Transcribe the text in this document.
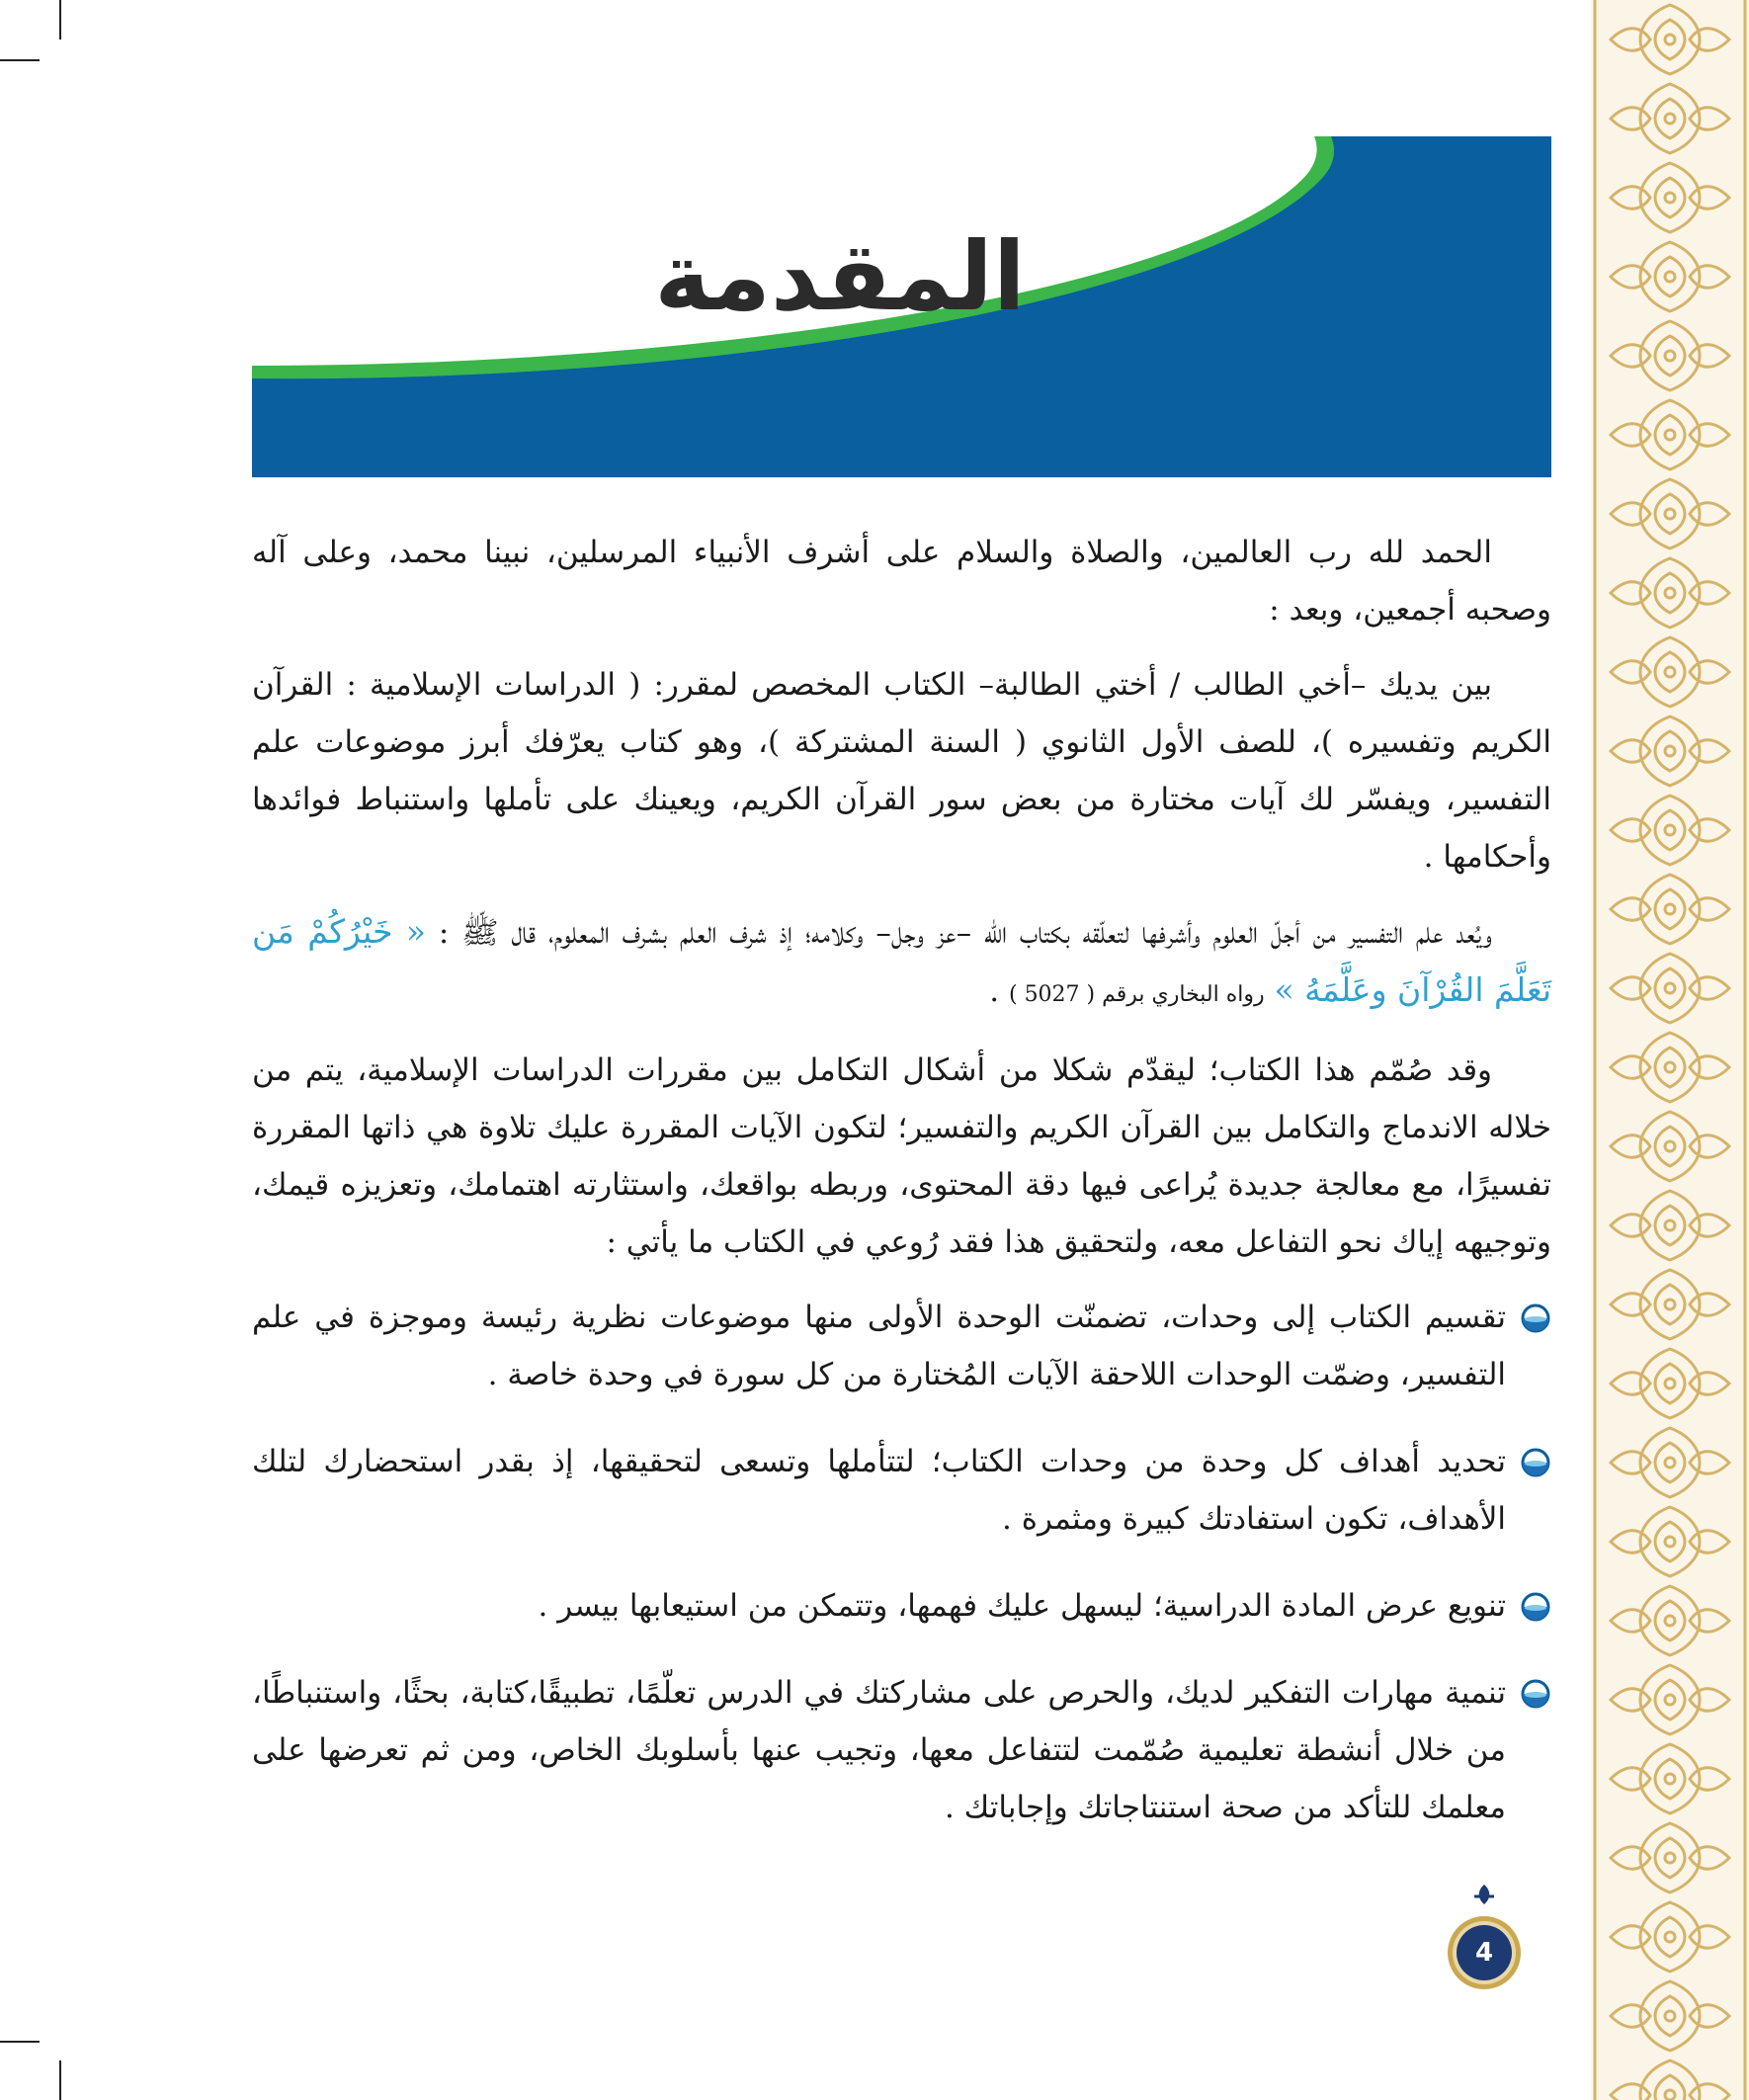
المقدمة

الحمد لله رب العالمين، والصلاة والسلام على أشرف الأنبياء المرسلين، نبينا محمد، وعلى آله وصحبه أجمعين، وبعد :

بين يديك –أخي الطالب / أختي الطالبة– الكتاب المخصص لمقرر: ( الدراسات الإسلامية : القرآن الكريم وتفسيره )، للصف الأول الثانوي ( السنة المشتركة )، وهو كتاب يعرّفك أبرز موضوعات علم التفسير، ويفسّر لك آيات مختارة من بعض سور القرآن الكريم، ويعينك على تأملها واستنباط فوائدها وأحكامها .

ويُعد علم التفسير من أجلّ العلوم وأشرفها لتعلّقه بكتاب الله –عز وجل– وكلامه؛ إذ شرف العلم بشرف المعلوم، قال ﷺ : « خَيْرُكُمْ مَن تَعَلَّمَ القُرْآنَ وعَلَّمَهُ » رواه البخاري برقم ( 5027 ) .

وقد صُمّم هذا الكتاب؛ ليقدّم شكلا من أشكال التكامل بين مقررات الدراسات الإسلامية، يتم من خلاله الاندماج والتكامل بين القرآن الكريم والتفسير؛ لتكون الآيات المقررة عليك تلاوة هي ذاتها المقررة تفسيرًا، مع معالجة جديدة يُراعى فيها دقة المحتوى، وربطه بواقعك، واستثارته اهتمامك، وتعزيزه قيمك، وتوجيهه إياك نحو التفاعل معه، ولتحقيق هذا فقد رُوعي في الكتاب ما يأتي :

تقسيم الكتاب إلى وحدات، تضمنّت الوحدة الأولى منها موضوعات نظرية رئيسة وموجزة في علم التفسير، وضمّت الوحدات اللاحقة الآيات المُختارة من كل سورة في وحدة خاصة .
تحديد أهداف كل وحدة من وحدات الكتاب؛ لتتأملها وتسعى لتحقيقها، إذ بقدر استحضارك لتلك الأهداف، تكون استفادتك كبيرة ومثمرة .
تنويع عرض المادة الدراسية؛ ليسهل عليك فهمها، وتتمكن من استيعابها بيسر .
تنمية مهارات التفكير لديك، والحرص على مشاركتك في الدرس تعلّمًا، تطبيقًا،كتابة، بحثًا، واستنباطًا، من خلال أنشطة تعليمية صُمّمت لتتفاعل معها، وتجيب عنها بأسلوبك الخاص، ومن ثم تعرضها على معلمك للتأكد من صحة استنتاجاتك وإجاباتك .
4
